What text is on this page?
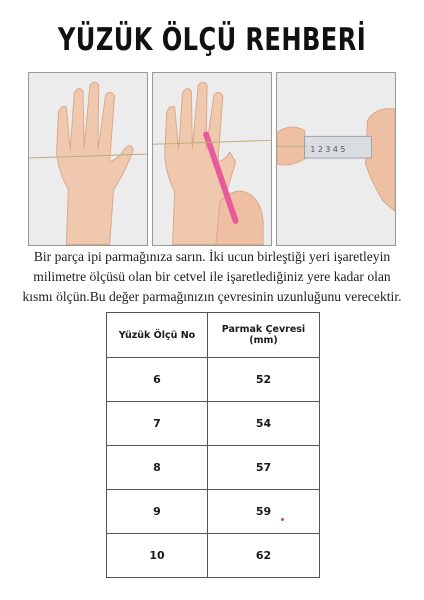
YÜZÜK ÖLÇÜ REHBERİ
1 2 3 4 5
Bir parça ipi parmağınıza sarın. İki ucun birleştiği yeri işaretleyin
milimetre ölçüsü olan bir cetvel ile işaretlediğiniz yere kadar olan
kısmı ölçün.Bu değer parmağınızın çevresinin uzunluğunu verecektir.
Yüzük Ölçü No	Parmak Çevresi (mm)
6	52
7	54
8	57
9	59
10	62
